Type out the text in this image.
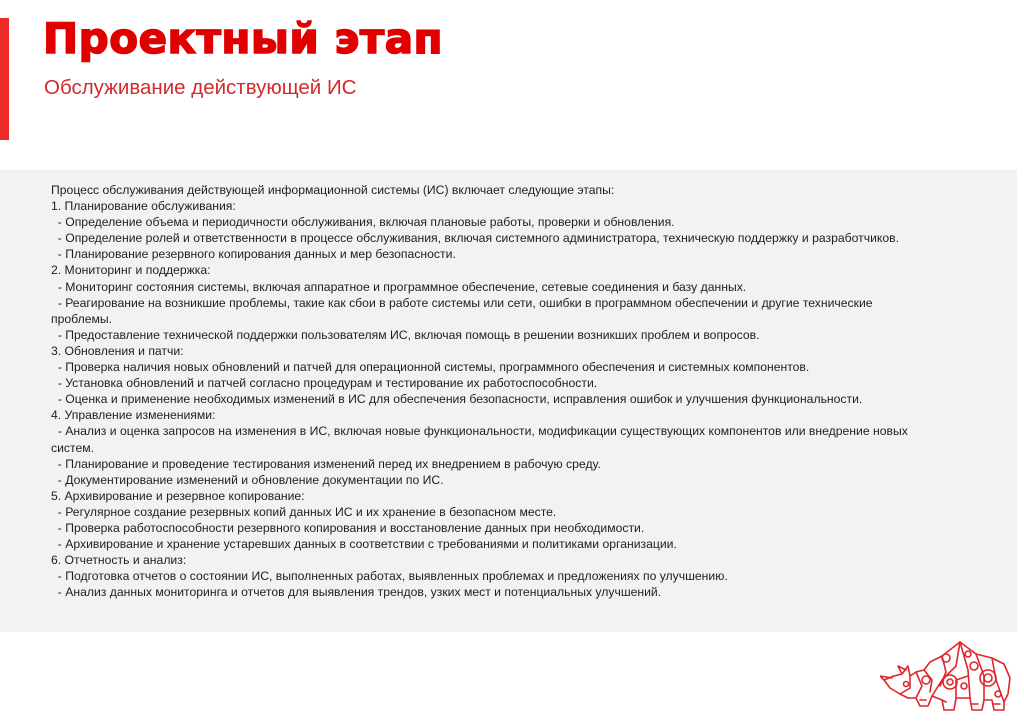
Проектный этап
Обслуживание действующей ИС
Процесс обслуживания действующей информационной системы (ИС) включает следующие этапы:
1. Планирование обслуживания:
- Определение объема и периодичности обслуживания, включая плановые работы, проверки и обновления.
- Определение ролей и ответственности в процессе обслуживания, включая системного администратора, техническую поддержку и разработчиков.
- Планирование резервного копирования данных и мер безопасности.
2. Мониторинг и поддержка:
- Мониторинг состояния системы, включая аппаратное и программное обеспечение, сетевые соединения и базу данных.
- Реагирование на возникшие проблемы, такие как сбои в работе системы или сети, ошибки в программном обеспечении и другие технические
проблемы.
- Предоставление технической поддержки пользователям ИС, включая помощь в решении возникших проблем и вопросов.
3. Обновления и патчи:
- Проверка наличия новых обновлений и патчей для операционной системы, программного обеспечения и системных компонентов.
- Установка обновлений и патчей согласно процедурам и тестирование их работоспособности.
- Оценка и применение необходимых изменений в ИС для обеспечения безопасности, исправления ошибок и улучшения функциональности.
4. Управление изменениями:
- Анализ и оценка запросов на изменения в ИС, включая новые функциональности, модификации существующих компонентов или внедрение новых
систем.
- Планирование и проведение тестирования изменений перед их внедрением в рабочую среду.
- Документирование изменений и обновление документации по ИС.
5. Архивирование и резервное копирование:
- Регулярное создание резервных копий данных ИС и их хранение в безопасном месте.
- Проверка работоспособности резервного копирования и восстановление данных при необходимости.
- Архивирование и хранение устаревших данных в соответствии с требованиями и политиками организации.
6. Отчетность и анализ:
- Подготовка отчетов о состоянии ИС, выполненных работах, выявленных проблемах и предложениях по улучшению.
- Анализ данных мониторинга и отчетов для выявления трендов, узких мест и потенциальных улучшений.
